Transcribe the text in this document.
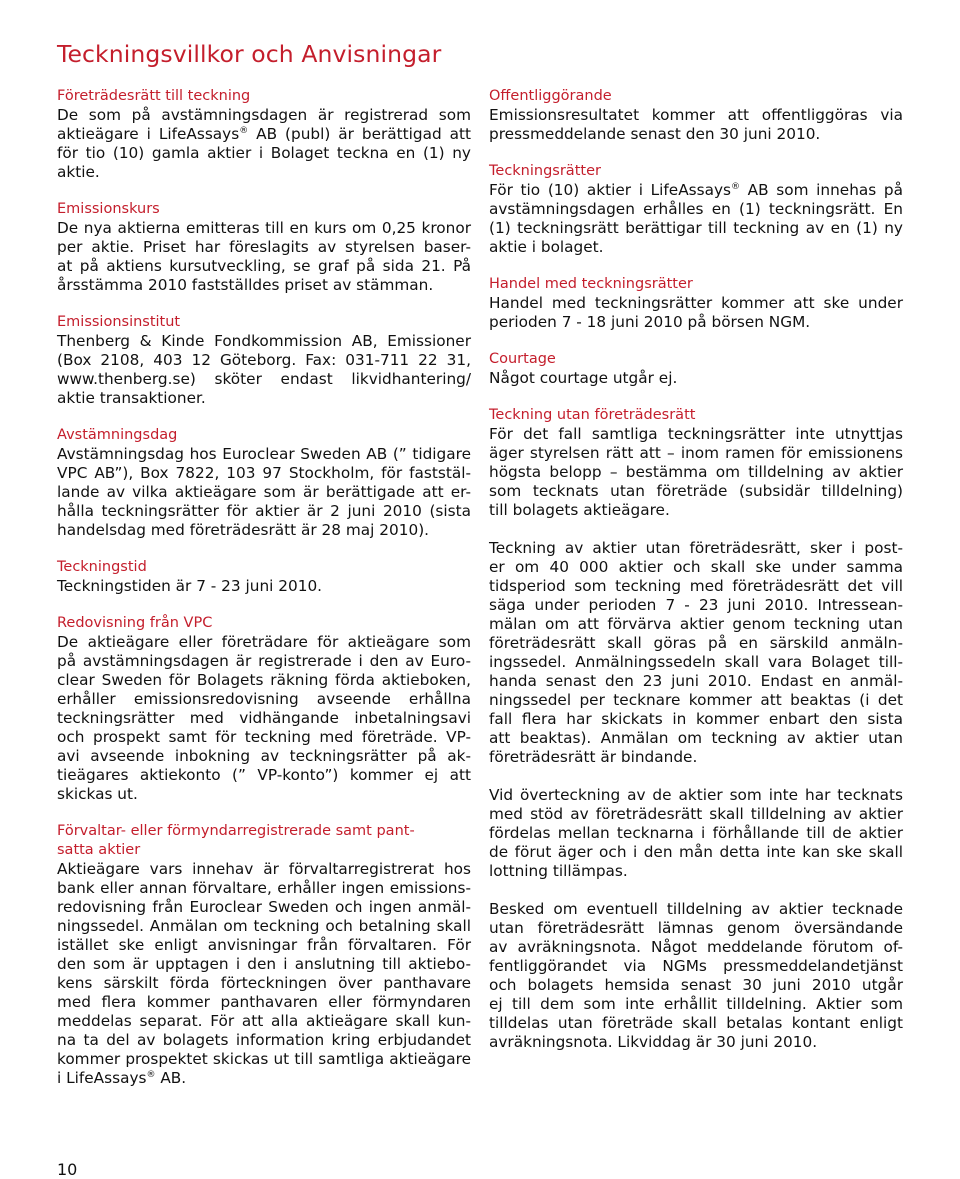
Teckningsvillkor och Anvisningar
Företrädesrätt till teckning
De som på avstämningsdagen är registrerad som
aktieägare i LifeAssays® AB (publ) är berättigad att
för tio (10) gamla aktier i Bolaget teckna en (1) ny
aktie.
Emissionskurs
De nya aktierna emitteras till en kurs om 0,25 kronor
per aktie. Priset har föreslagits av styrelsen baser-
at på aktiens kursutveckling, se graf på sida 21. På
årsstämma 2010 fastställdes priset av stämman.
Emissionsinstitut
Thenberg & Kinde Fondkommission AB, Emissioner
(Box 2108, 403 12 Göteborg. Fax: 031-711 22 31,
www.thenberg.se) sköter endast likvidhantering/
aktie transaktioner.
Avstämningsdag
Avstämningsdag hos Euroclear Sweden AB (” tidigare
VPC AB”), Box 7822, 103 97 Stockholm, för faststäl-
lande av vilka aktieägare som är berättigade att er-
hålla teckningsrätter för aktier är 2 juni 2010 (sista
handelsdag med företrädesrätt är 28 maj 2010).
Teckningstid
Teckningstiden är 7 - 23 juni 2010.
Redovisning från VPC
De aktieägare eller företrädare för aktieägare som
på avstämningsdagen är registrerade i den av Euro-
clear Sweden för Bolagets räkning förda aktieboken,
erhåller emissionsredovisning avseende erhållna
teckningsrätter med vidhängande inbetalningsavi
och prospekt samt för teckning med företräde. VP-
avi avseende inbokning av teckningsrätter på ak-
tieägares aktiekonto (” VP-konto”) kommer ej att
skickas ut.
Förvaltar- eller förmyndarregistrerade samt pant-
satta aktier
Aktieägare vars innehav är förvaltarregistrerat hos
bank eller annan förvaltare, erhåller ingen emissions-
redovisning från Euroclear Sweden och ingen anmäl-
ningssedel. Anmälan om teckning och betalning skall
istället ske enligt anvisningar från förvaltaren. För
den som är upptagen i den i anslutning till aktiebo-
kens särskilt förda förteckningen över panthavare
med flera kommer panthavaren eller förmyndaren
meddelas separat. För att alla aktieägare skall kun-
na ta del av bolagets information kring erbjudandet
kommer prospektet skickas ut till samtliga aktieägare
i LifeAssays® AB.
Offentliggörande
Emissionsresultatet kommer att offentliggöras via
pressmeddelande senast den 30 juni 2010.
Teckningsrätter
För tio (10) aktier i LifeAssays® AB som innehas på
avstämningsdagen erhålles en (1) teckningsrätt. En
(1) teckningsrätt berättigar till teckning av en (1) ny
aktie i bolaget.
Handel med teckningsrätter
Handel med teckningsrätter kommer att ske under
perioden 7 - 18 juni 2010 på börsen NGM.
Courtage
Något courtage utgår ej.
Teckning utan företrädesrätt
För det fall samtliga teckningsrätter inte utnyttjas
äger styrelsen rätt att – inom ramen för emissionens
högsta belopp – bestämma om tilldelning av aktier
som tecknats utan företräde (subsidär tilldelning)
till bolagets aktieägare.
Teckning av aktier utan företrädesrätt, sker i post-
er om 40 000 aktier och skall ske under samma
tidsperiod som teckning med företrädesrätt det vill
säga under perioden 7 - 23 juni 2010. Intressean-
mälan om att förvärva aktier genom teckning utan
företrädesrätt skall göras på en särskild anmäln-
ingssedel. Anmälningssedeln skall vara Bolaget till-
handa senast den 23 juni 2010. Endast en anmäl-
ningssedel per tecknare kommer att beaktas (i det
fall flera har skickats in kommer enbart den sista
att beaktas). Anmälan om teckning av aktier utan
företrädesrätt är bindande.
Vid överteckning av de aktier som inte har tecknats
med stöd av företrädesrätt skall tilldelning av aktier
fördelas mellan tecknarna i förhållande till de aktier
de förut äger och i den mån detta inte kan ske skall
lottning tillämpas.
Besked om eventuell tilldelning av aktier tecknade
utan företrädesrätt lämnas genom översändande
av avräkningsnota. Något meddelande förutom of-
fentliggörandet via NGMs pressmeddelandetjänst
och bolagets hemsida senast 30 juni 2010 utgår
ej till dem som inte erhållit tilldelning. Aktier som
tilldelas utan företräde skall betalas kontant enligt
avräkningsnota. Likviddag är 30 juni 2010.
10
